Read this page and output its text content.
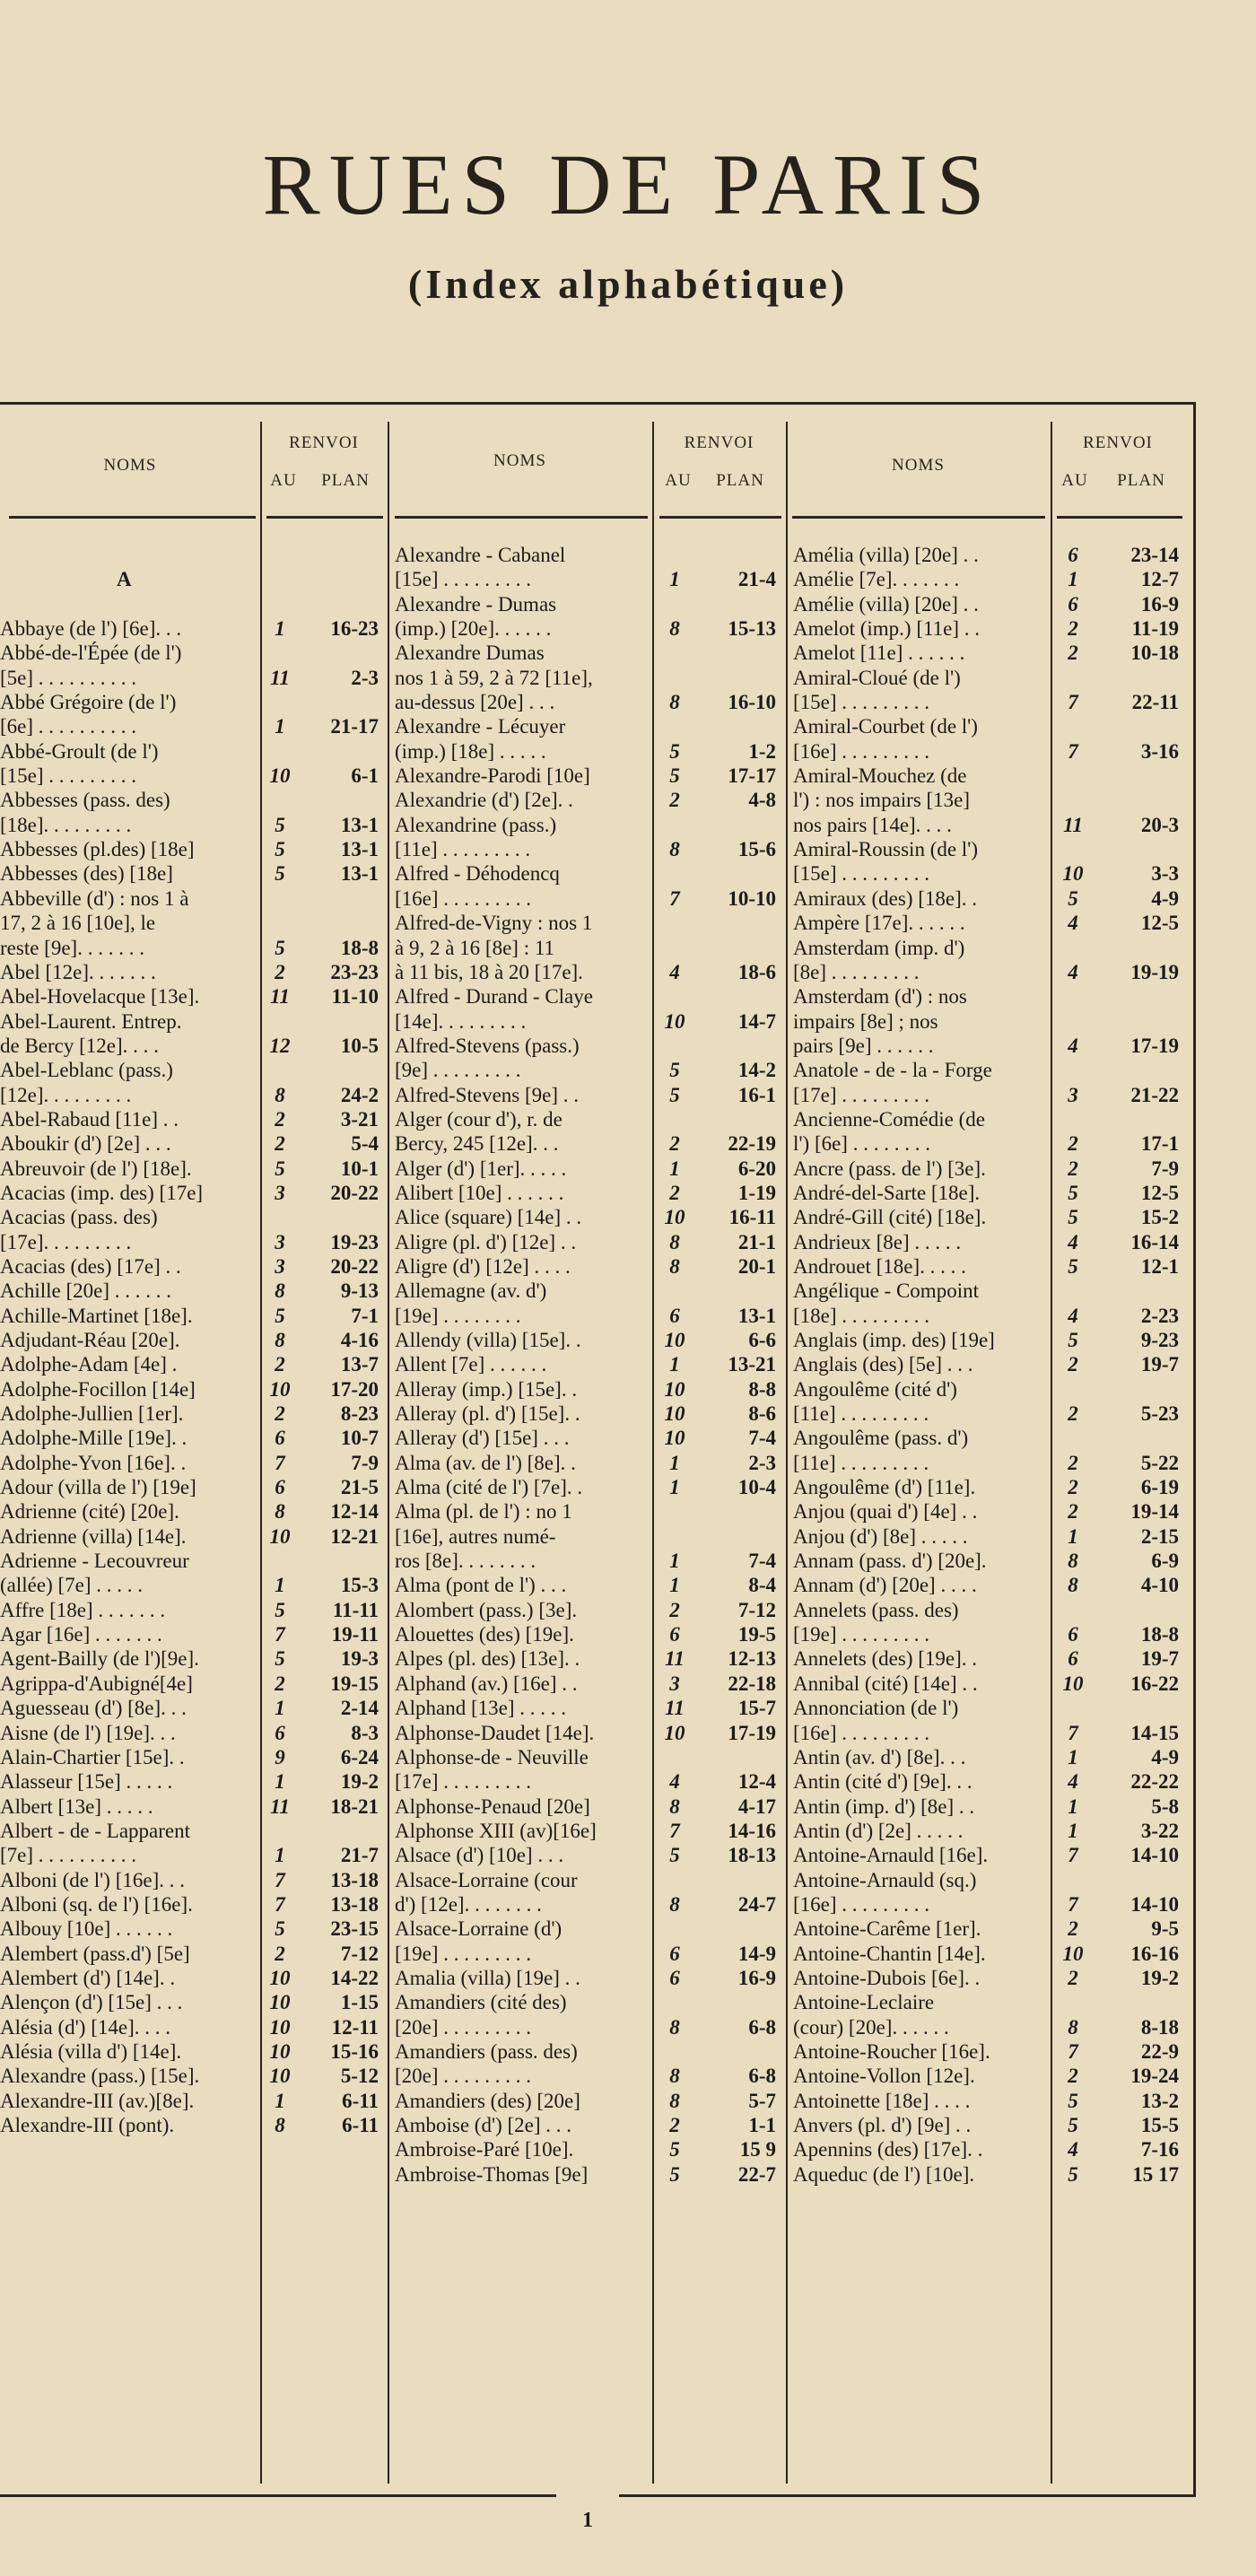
RUES DE PARIS
(Index alphabétique)
NOMS
RENVOI
AU	PLAN
NOMS
RENVOI
AU	PLAN
NOMS
RENVOI
AU	PLAN
A
Abbaye (de l') [6e]. . .	1	16-23
Abbé-de-l'Épée (de l')
[5e] . . . . . . . . . .	11	2-3
Abbé Grégoire (de l')
[6e] . . . . . . . . . .	1	21-17
Abbé-Groult (de l')
[15e] . . . . . . . . .	10	6-1
Abbesses (pass. des)
[18e]. . . . . . . . .	5	13-1
Abbesses (pl.des) [18e]	5	13-1
Abbesses (des) [18e]	5	13-1
Abbeville (d') : nos 1 à
17, 2 à 16 [10e], le
reste [9e]. . . . . . .	5	18-8
Abel [12e]. . . . . . .	2	23-23
Abel-Hovelacque [13e].	11	11-10
Abel-Laurent. Entrep.
de Bercy [12e]. . . .	12	10-5
Abel-Leblanc (pass.)
[12e]. . . . . . . . .	8	24-2
Abel-Rabaud [11e] . .	2	3-21
Aboukir (d') [2e] . . .	2	5-4
Abreuvoir (de l') [18e].	5	10-1
Acacias (imp. des) [17e]	3	20-22
Acacias (pass. des)
[17e]. . . . . . . . .	3	19-23
Acacias (des) [17e] . .	3	20-22
Achille [20e] . . . . . .	8	9-13
Achille-Martinet [18e].	5	7-1
Adjudant-Réau [20e].	8	4-16
Adolphe-Adam [4e] .	2	13-7
Adolphe-Focillon [14e]	10	17-20
Adolphe-Jullien [1er].	2	8-23
Adolphe-Mille [19e]. .	6	10-7
Adolphe-Yvon [16e]. .	7	7-9
Adour (villa de l') [19e]	6	21-5
Adrienne (cité) [20e].	8	12-14
Adrienne (villa) [14e].	10	12-21
Adrienne - Lecouvreur
(allée) [7e] . . . . .	1	15-3
Affre [18e] . . . . . . .	5	11-11
Agar [16e] . . . . . . .	7	19-11
Agent-Bailly (de l')[9e].	5	19-3
Agrippa-d'Aubigné[4e]	2	19-15
Aguesseau (d') [8e]. . .	1	2-14
Aisne (de l') [19e]. . .	6	8-3
Alain-Chartier [15e]. .	9	6-24
Alasseur [15e] . . . . .	1	19-2
Albert [13e] . . . . .	11	18-21
Albert - de - Lapparent
[7e] . . . . . . . . . .	1	21-7
Alboni (de l') [16e]. . .	7	13-18
Alboni (sq. de l') [16e].	7	13-18
Albouy [10e] . . . . . .	5	23-15
Alembert (pass.d') [5e]	2	7-12
Alembert (d') [14e]. .	10	14-22
Alençon (d') [15e] . . .	10	1-15
Alésia (d') [14e]. . . .	10	12-11
Alésia (villa d') [14e].	10	15-16
Alexandre (pass.) [15e].	10	5-12
Alexandre-III (av.)[8e].	1	6-11
Alexandre-III (pont).	8	6-11
Alexandre - Cabanel
[15e] . . . . . . . . .	1	21-4
Alexandre - Dumas
(imp.) [20e]. . . . . .	8	15-13
Alexandre Dumas
nos 1 à 59, 2 à 72 [11e],
au-dessus [20e] . . .	8	16-10
Alexandre - Lécuyer
(imp.) [18e] . . . . .	5	1-2
Alexandre-Parodi [10e]	5	17-17
Alexandrie (d') [2e]. .	2	4-8
Alexandrine (pass.)
[11e] . . . . . . . . .	8	15-6
Alfred - Déhodencq
[16e] . . . . . . . . .	7	10-10
Alfred-de-Vigny : nos 1
à 9, 2 à 16 [8e] : 11
à 11 bis, 18 à 20 [17e].	4	18-6
Alfred - Durand - Claye
[14e]. . . . . . . . .	10	14-7
Alfred-Stevens (pass.)
[9e] . . . . . . . . .	5	14-2
Alfred-Stevens [9e] . .	5	16-1
Alger (cour d'), r. de
Bercy, 245 [12e]. . .	2	22-19
Alger (d') [1er]. . . . .	1	6-20
Alibert [10e] . . . . . .	2	1-19
Alice (square) [14e] . .	10	16-11
Aligre (pl. d') [12e] . .	8	21-1
Aligre (d') [12e] . . . .	8	20-1
Allemagne (av. d')
[19e] . . . . . . . .	6	13-1
Allendy (villa) [15e]. .	10	6-6
Allent [7e] . . . . . .	1	13-21
Alleray (imp.) [15e]. .	10	8-8
Alleray (pl. d') [15e]. .	10	8-6
Alleray (d') [15e] . . .	10	7-4
Alma (av. de l') [8e]. .	1	2-3
Alma (cité de l') [7e]. .	1	10-4
Alma (pl. de l') : no 1
[16e], autres numé-
ros [8e]. . . . . . . .	1	7-4
Alma (pont de l') . . .	1	8-4
Alombert (pass.) [3e].	2	7-12
Alouettes (des) [19e].	6	19-5
Alpes (pl. des) [13e]. .	11	12-13
Alphand (av.) [16e] . .	3	22-18
Alphand [13e] . . . . .	11	15-7
Alphonse-Daudet [14e].	10	17-19
Alphonse-de - Neuville
[17e] . . . . . . . . .	4	12-4
Alphonse-Penaud [20e]	8	4-17
Alphonse XIII (av)[16e]	7	14-16
Alsace (d') [10e] . . .	5	18-13
Alsace-Lorraine (cour
d') [12e]. . . . . . . .	8	24-7
Alsace-Lorraine (d')
[19e] . . . . . . . . .	6	14-9
Amalia (villa) [19e] . .	6	16-9
Amandiers (cité des)
[20e] . . . . . . . . .	8	6-8
Amandiers (pass. des)
[20e] . . . . . . . . .	8	6-8
Amandiers (des) [20e]	8	5-7
Amboise (d') [2e] . . .	2	1-1
Ambroise-Paré [10e].	5	15 9
Ambroise-Thomas [9e]	5	22-7
Amélia (villa) [20e] . .	6	23-14
Amélie [7e]. . . . . . .	1	12-7
Amélie (villa) [20e] . .	6	16-9
Amelot (imp.) [11e] . .	2	11-19
Amelot [11e] . . . . . .	2	10-18
Amiral-Cloué (de l')
[15e] . . . . . . . . .	7	22-11
Amiral-Courbet (de l')
[16e] . . . . . . . . .	7	3-16
Amiral-Mouchez (de
l') : nos impairs [13e]
nos pairs [14e]. . . .	11	20-3
Amiral-Roussin (de l')
[15e] . . . . . . . . .	10	3-3
Amiraux (des) [18e]. .	5	4-9
Ampère [17e]. . . . . .	4	12-5
Amsterdam (imp. d')
[8e] . . . . . . . . .	4	19-19
Amsterdam (d') : nos
impairs [8e] ; nos
pairs [9e] . . . . . .	4	17-19
Anatole - de - la - Forge
[17e] . . . . . . . . .	3	21-22
Ancienne-Comédie (de
l') [6e] . . . . . . . .	2	17-1
Ancre (pass. de l') [3e].	2	7-9
André-del-Sarte [18e].	5	12-5
André-Gill (cité) [18e].	5	15-2
Andrieux [8e] . . . . .	4	16-14
Androuet [18e]. . . . .	5	12-1
Angélique - Compoint
[18e] . . . . . . . . .	4	2-23
Anglais (imp. des) [19e]	5	9-23
Anglais (des) [5e] . . .	2	19-7
Angoulême (cité d')
[11e] . . . . . . . . .	2	5-23
Angoulême (pass. d')
[11e] . . . . . . . . .	2	5-22
Angoulême (d') [11e].	2	6-19
Anjou (quai d') [4e] . .	2	19-14
Anjou (d') [8e] . . . . .	1	2-15
Annam (pass. d') [20e].	8	6-9
Annam (d') [20e] . . . .	8	4-10
Annelets (pass. des)
[19e] . . . . . . . . .	6	18-8
Annelets (des) [19e]. .	6	19-7
Annibal (cité) [14e] . .	10	16-22
Annonciation (de l')
[16e] . . . . . . . . .	7	14-15
Antin (av. d') [8e]. . .	1	4-9
Antin (cité d') [9e]. . .	4	22-22
Antin (imp. d') [8e] . .	1	5-8
Antin (d') [2e] . . . . .	1	3-22
Antoine-Arnauld [16e].	7	14-10
Antoine-Arnauld (sq.)
[16e] . . . . . . . . .	7	14-10
Antoine-Carême [1er].	2	9-5
Antoine-Chantin [14e].	10	16-16
Antoine-Dubois [6e]. .	2	19-2
Antoine-Leclaire
(cour) [20e]. . . . . .	8	8-18
Antoine-Roucher [16e].	7	22-9
Antoine-Vollon [12e].	2	19-24
Antoinette [18e] . . . .	5	13-2
Anvers (pl. d') [9e] . .	5	15-5
Apennins (des) [17e]. .	4	7-16
Aqueduc (de l') [10e].	5	15 17
1
